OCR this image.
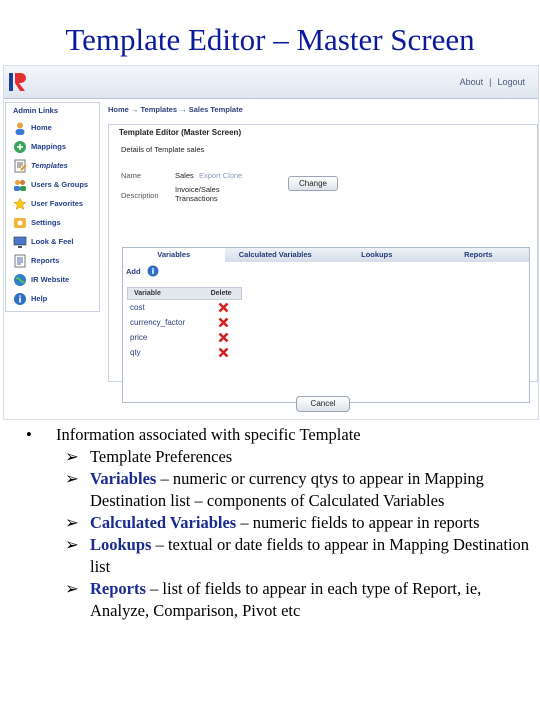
Template Editor – Master Screen
About | Logout
Admin Links
Home
Mappings
Templates
Users & Groups
User Favorites
Settings
Look & Feel
Reports
IR Website
i Help
Home → Templates → Sales Template
Template Editor (Master Screen)
Details of Template sales
Name	Sales Export Clone
Description
Invoice/Sales
Transactions
Change
Variables	Calculated Variables	Lookups	Reports
Add i
Variable	Delete
cost
currency_factor
price
qty
Cancel
•	Information associated with specific Template
➢ Template Preferences
➢ Variables – numeric or currency qtys to appear in Mapping Destination list – components of Calculated Variables
➢ Calculated Variables – numeric fields to appear in reports
➢ Lookups – textual or date fields to appear in Mapping Destination list
➢ Reports – list of fields to appear in each type of Report, ie, Analyze, Comparison, Pivot etc
